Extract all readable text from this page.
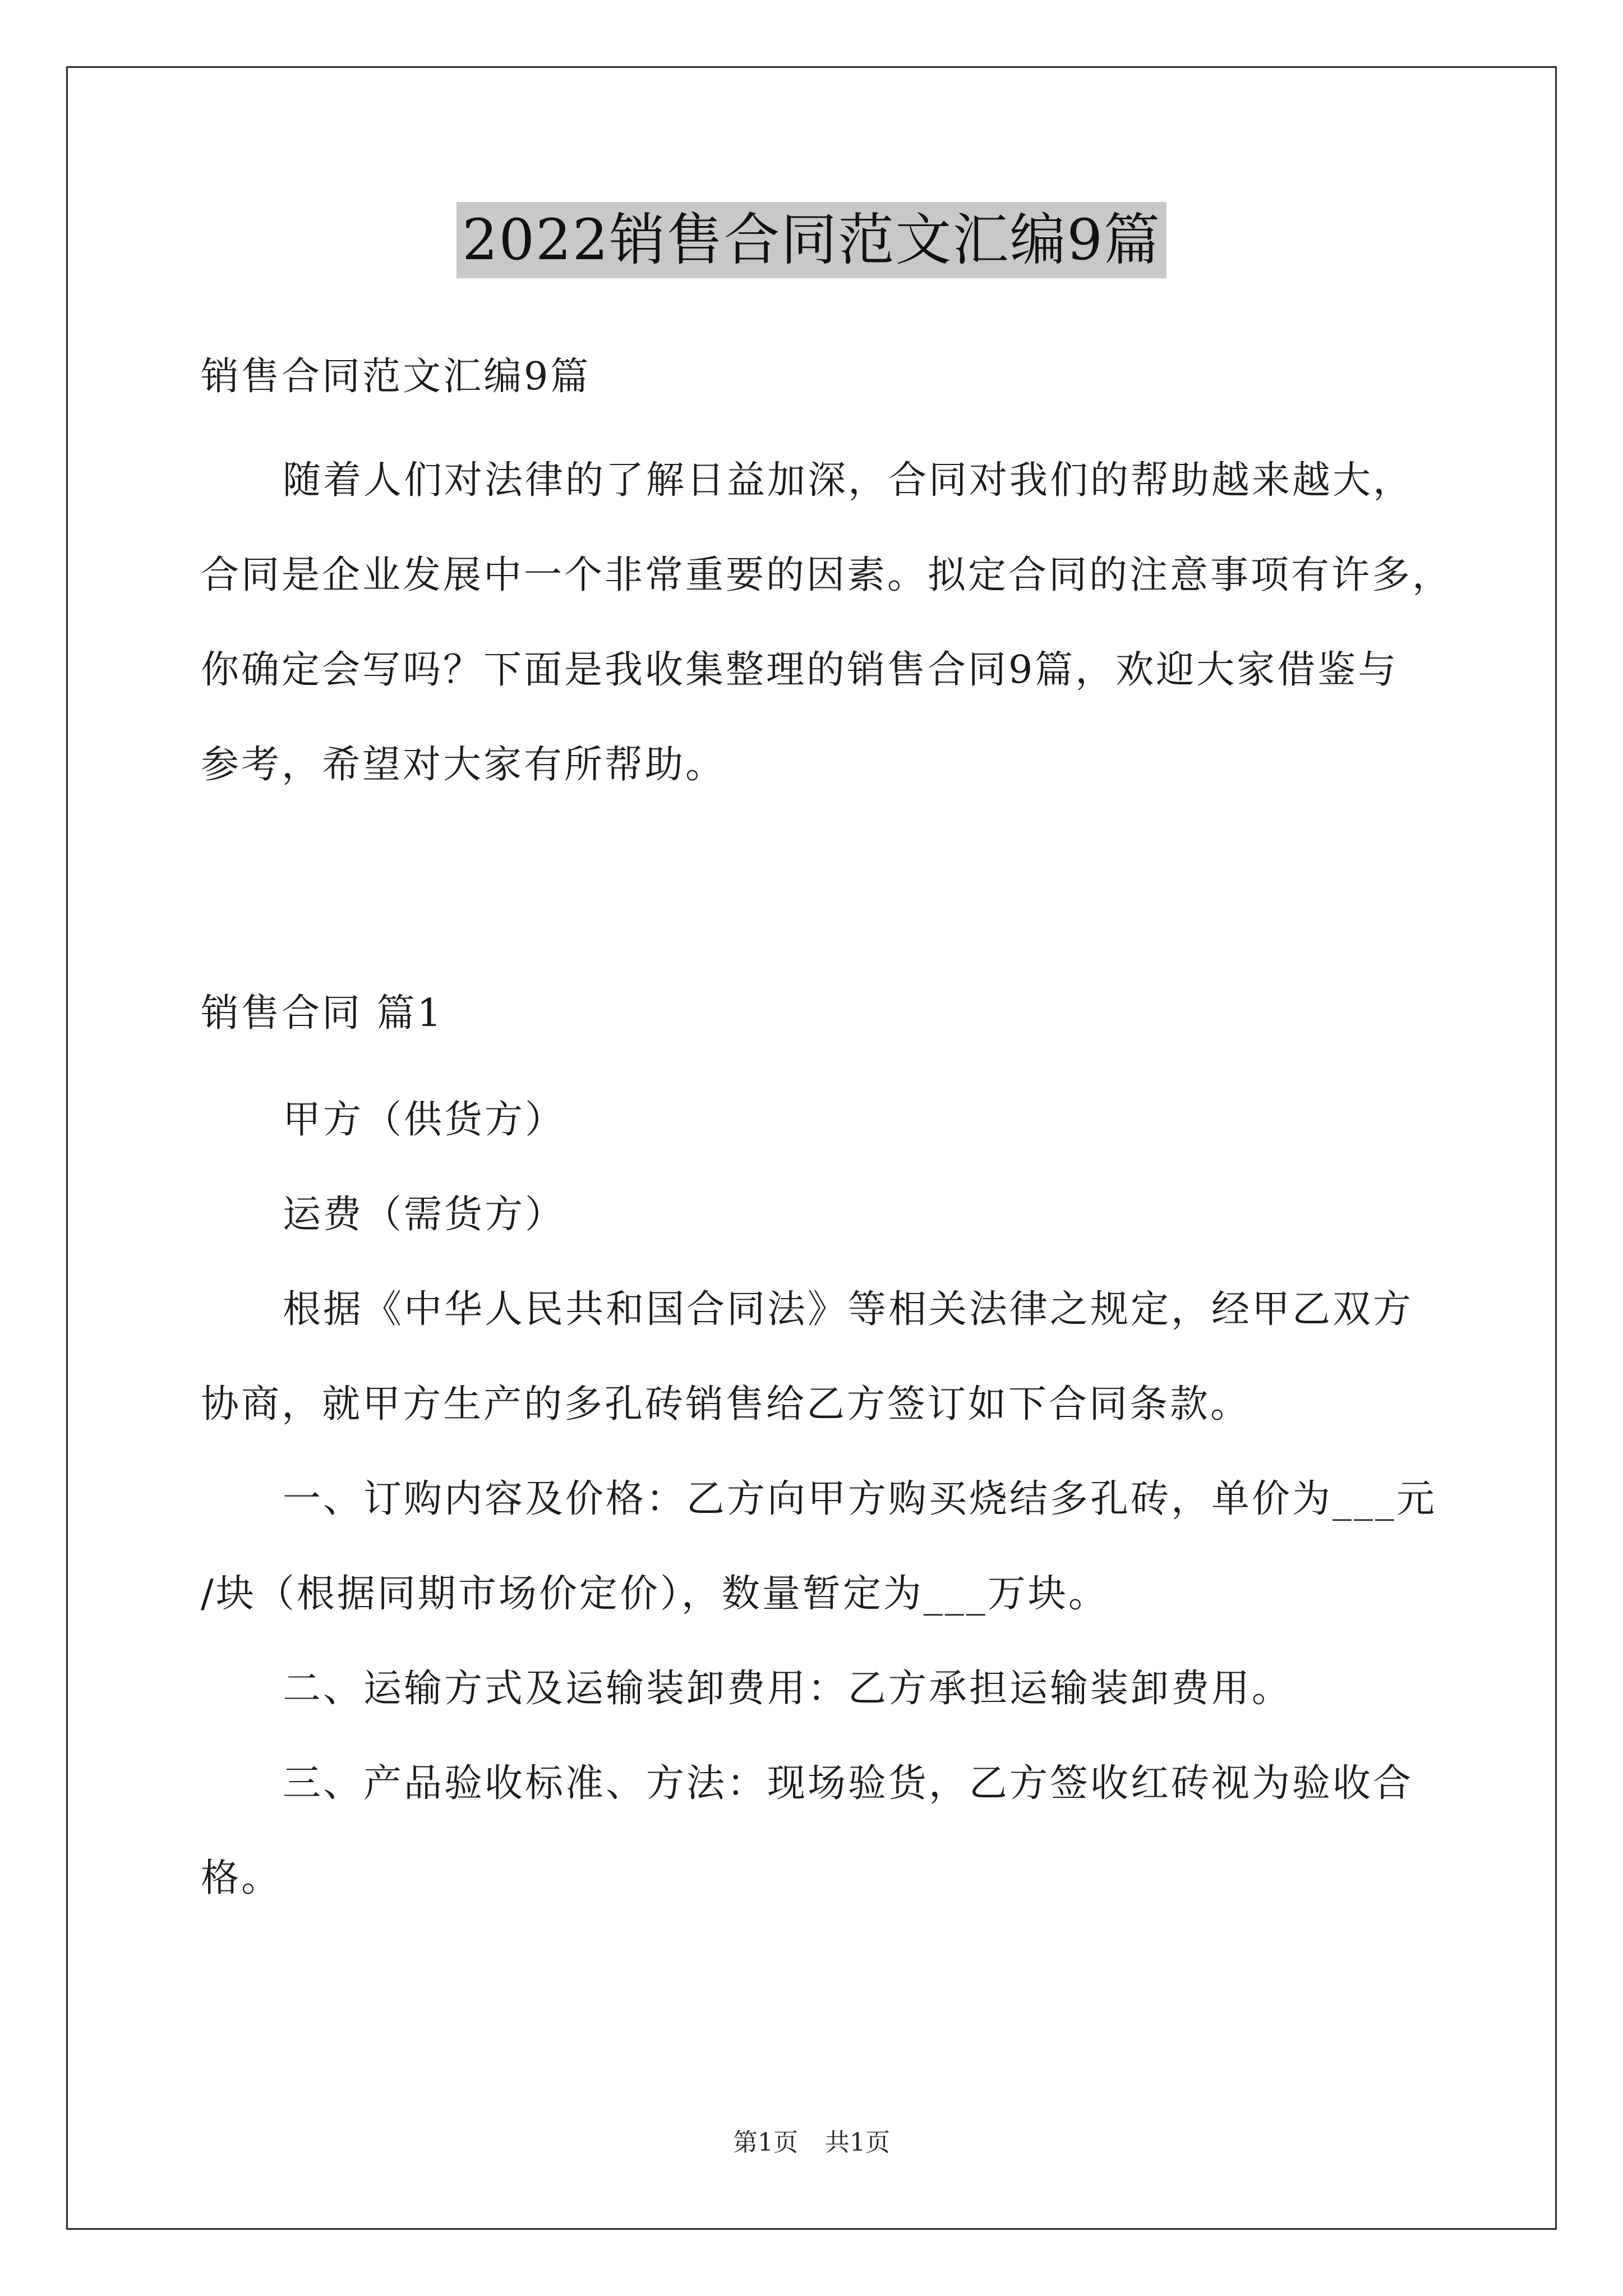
2022销售合同范文汇编9篇
销售合同范文汇编9篇
随着人们对法律的了解日益加深，合同对我们的帮助越来越大，
合同是企业发展中一个非常重要的因素。拟定合同的注意事项有许多，
你确定会写吗？下面是我收集整理的销售合同9篇，欢迎大家借鉴与
参考，希望对大家有所帮助。
销售合同 篇1
甲方（供货方）
运费（需货方）
根据《中华人民共和国合同法》等相关法律之规定，经甲乙双方
协商，就甲方生产的多孔砖销售给乙方签订如下合同条款。
一、订购内容及价格：乙方向甲方购买烧结多孔砖，单价为___元
/块（根据同期市场价定价），数量暂定为___万块。
二、运输方式及运输装卸费用：乙方承担运输装卸费用。
三、产品验收标准、方法：现场验货，乙方签收红砖视为验收合
格。
第1页 共1页
